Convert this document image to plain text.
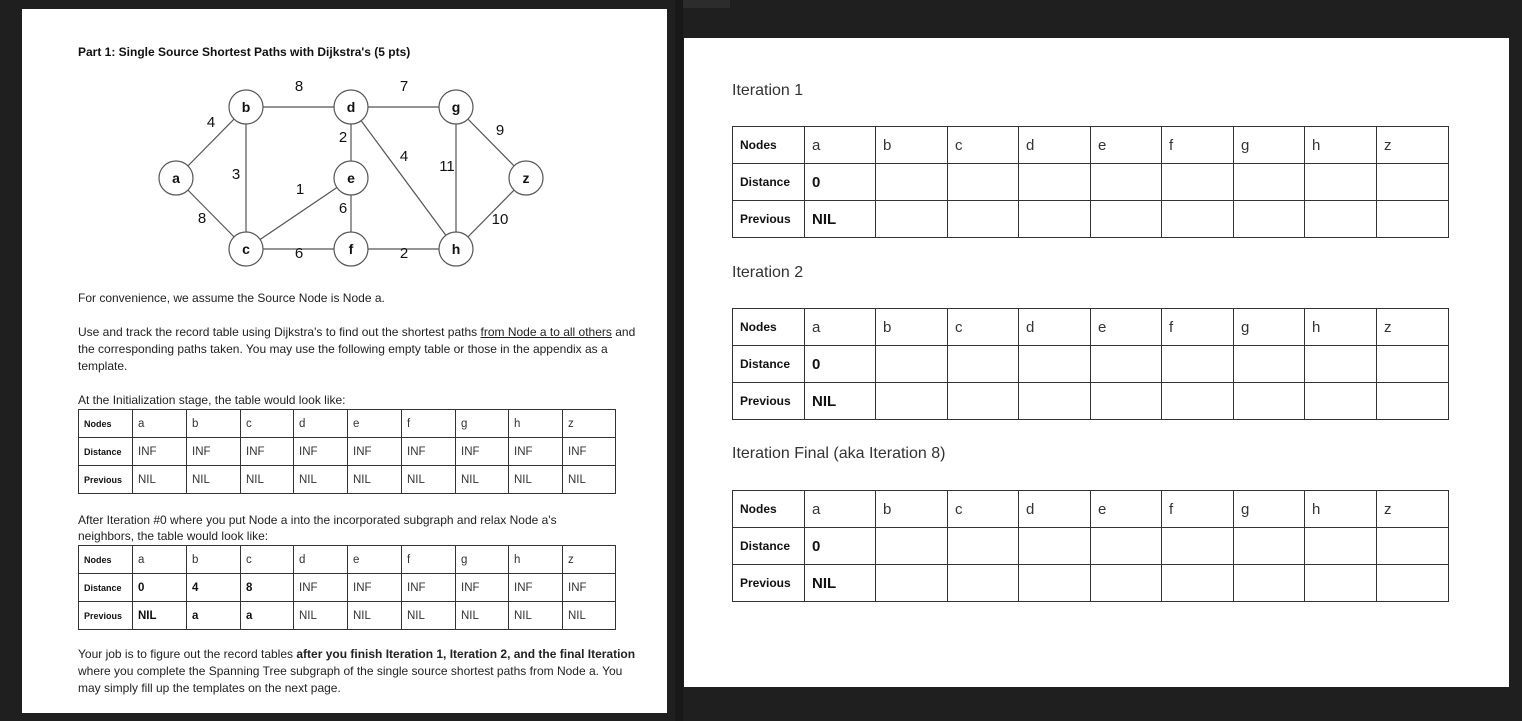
Part 1: Single Source Shortest Paths with Dijkstra's (5 pts)
4
8
3
8
2
7
4
1
6
6	2
11
9
10
a
b
c
d
e
f
g
h
z
For convenience, we assume the Source Node is Node a.
Use and track the record table using Dijkstra's to find out the shortest paths from Node a to all others and the corresponding paths taken. You may use the following empty table or those in the appendix as a template.
At the Initialization stage, the table would look like:
Nodes	a	b	c	d	e	f	g	h	z
Distance	INF	INF	INF	INF	INF	INF	INF	INF	INF
Previous	NIL	NIL	NIL	NIL	NIL	NIL	NIL	NIL	NIL
After Iteration #0 where you put Node a into the incorporated subgraph and relax Node a's neighbors, the table would look like:
Nodes	a	b	c	d	e	f	g	h	z
Distance	0	4	8	INF	INF	INF	INF	INF	INF
Previous	NIL	a	a	NIL	NIL	NIL	NIL	NIL	NIL
Your job is to figure out the record tables after you finish Iteration 1, Iteration 2, and the final Iteration where you complete the Spanning Tree subgraph of the single source shortest paths from Node a. You may simply fill up the templates on the next page.
Iteration 1
Nodes	a	b	c	d	e	f	g	h	z
Distance	0								
Previous	NIL								
Iteration 2
Nodes	a	b	c	d	e	f	g	h	z
Distance	0								
Previous	NIL								
Iteration Final (aka Iteration 8)
Nodes	a	b	c	d	e	f	g	h	z
Distance	0								
Previous	NIL								
